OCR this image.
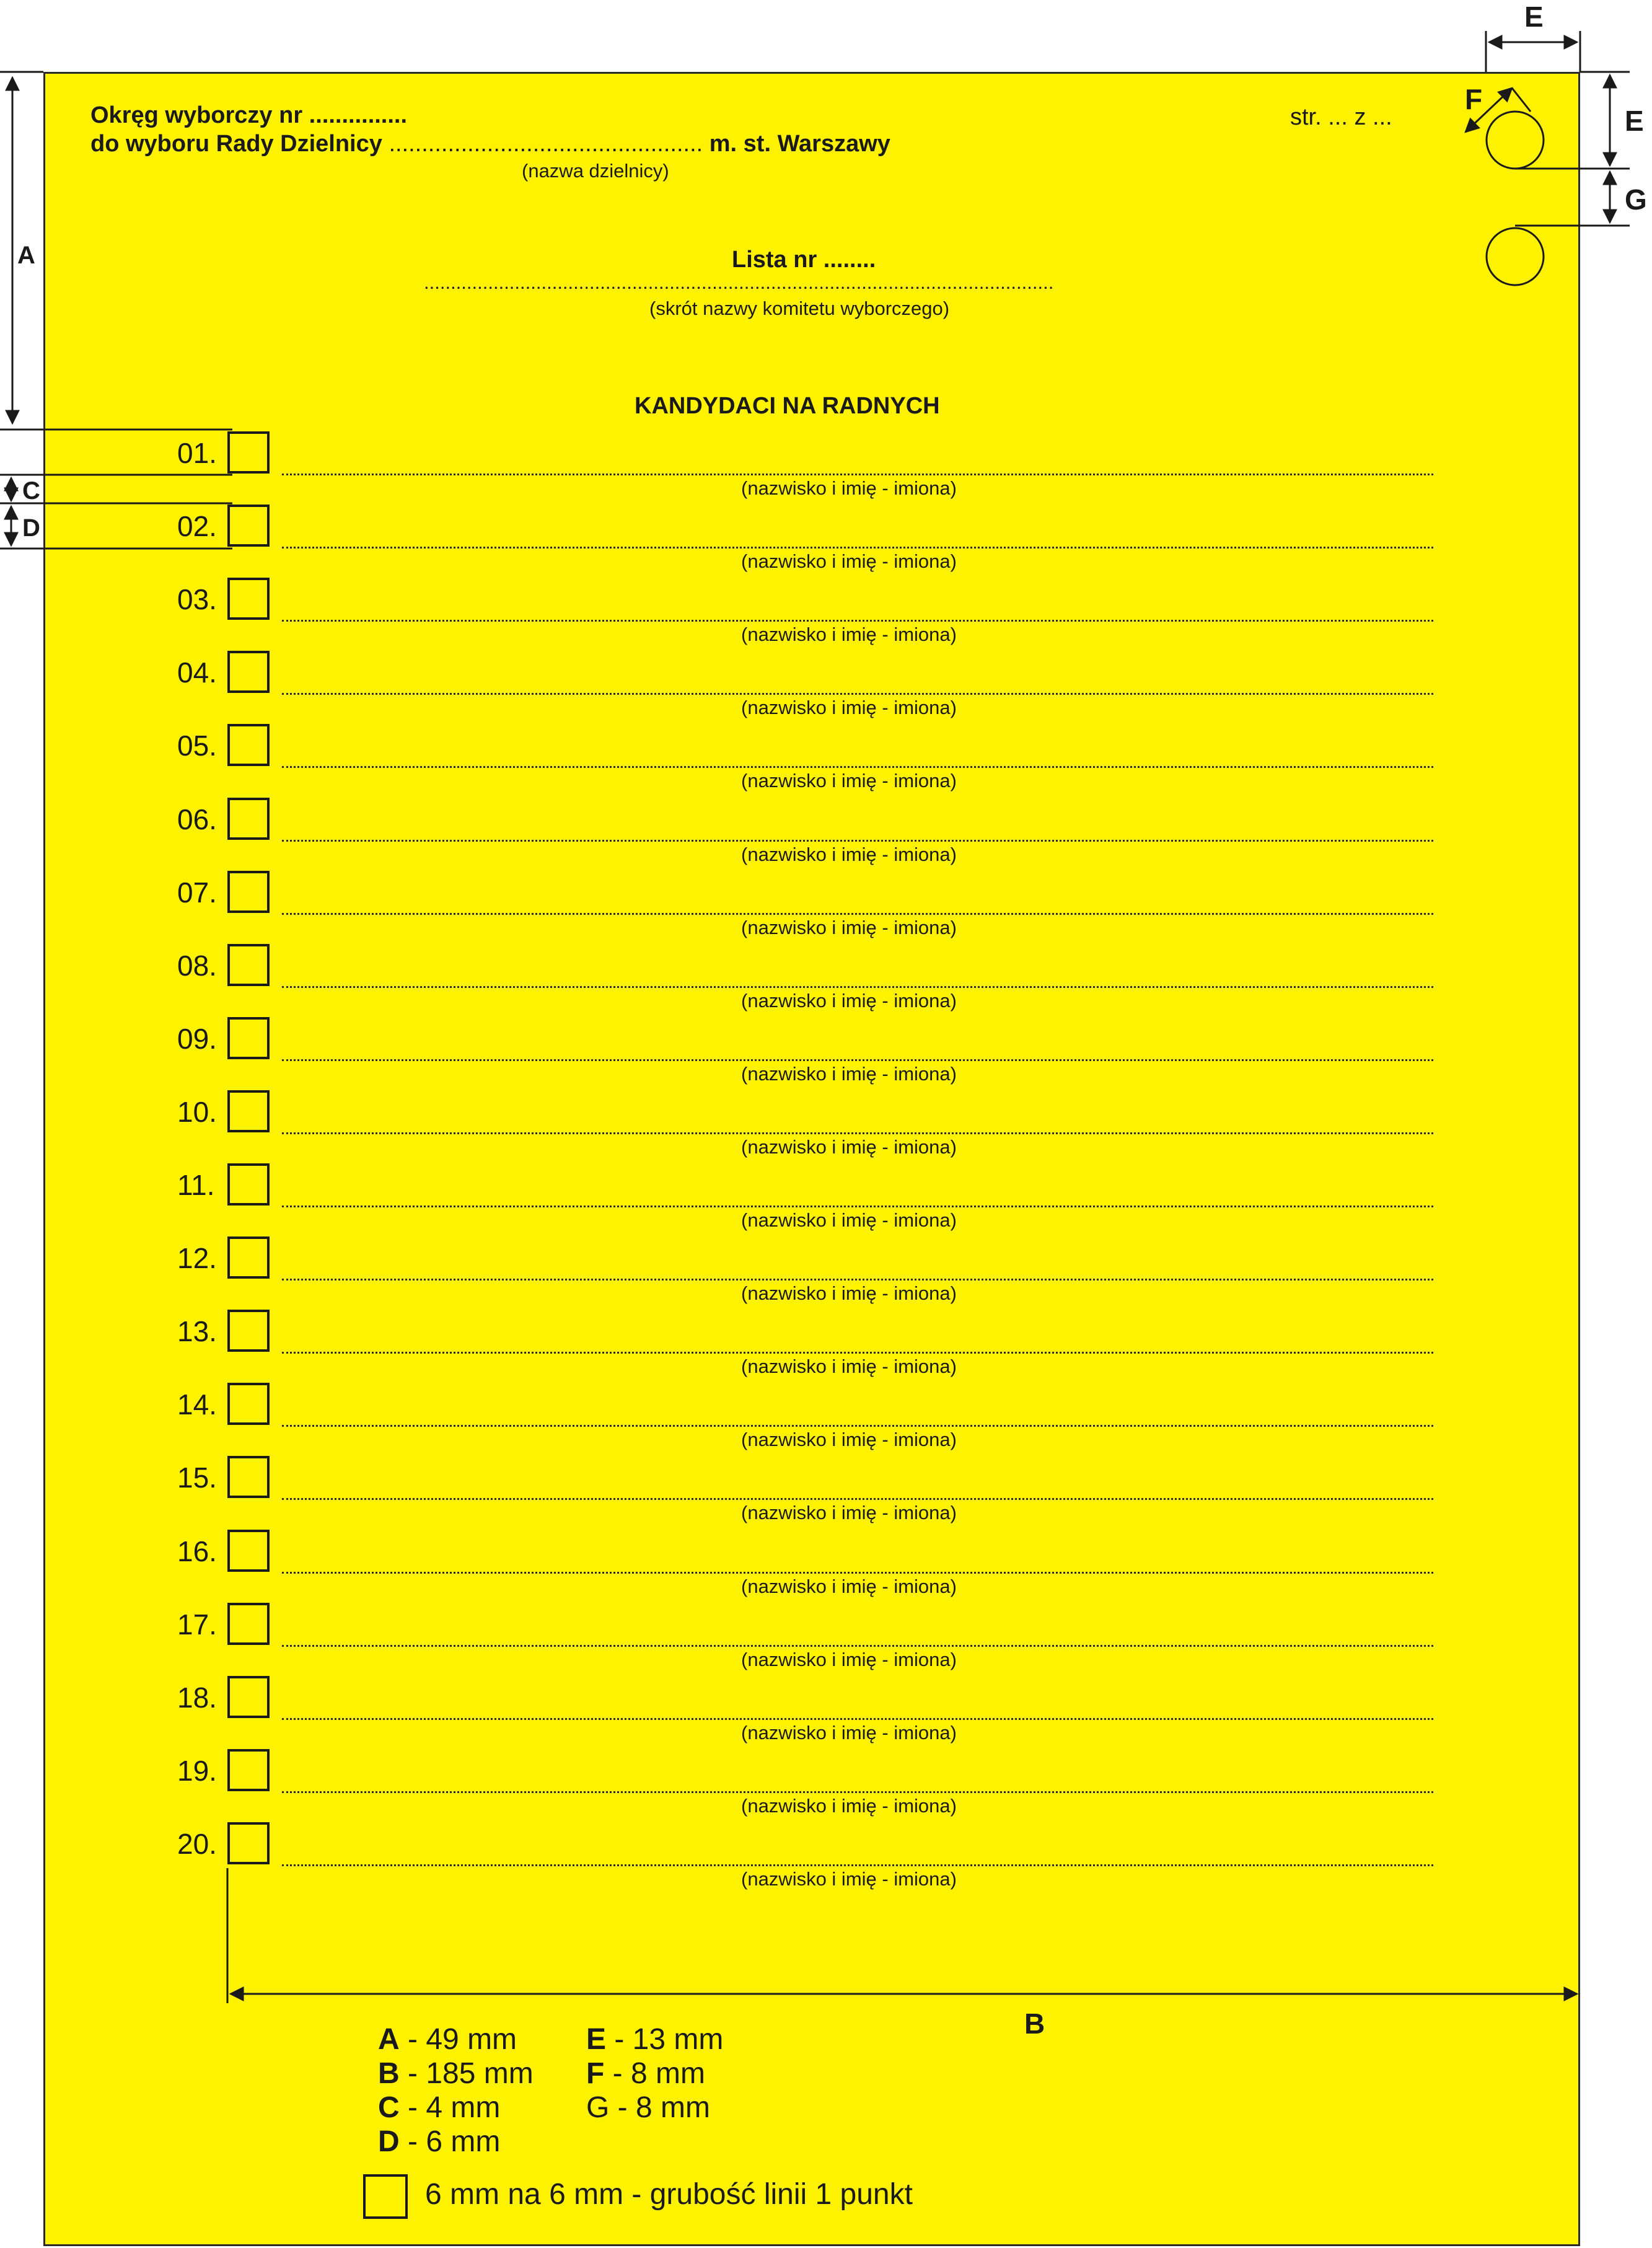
Okręg wyborczy nr ...............
do wyboru Rady Dzielnicy ................................................ m. st. Warszawy
(nazwa dzielnicy)
str. ... z ...
Lista nr ........
......................................................................................................................
(skrót nazwy komitetu wyborczego)
KANDYDACI NA RADNYCH
01.
(nazwisko i imię - imiona)
02.
(nazwisko i imię - imiona)
03.
(nazwisko i imię - imiona)
04.
(nazwisko i imię - imiona)
05.
(nazwisko i imię - imiona)
06.
(nazwisko i imię - imiona)
07.
(nazwisko i imię - imiona)
08.
(nazwisko i imię - imiona)
09.
(nazwisko i imię - imiona)
10.
(nazwisko i imię - imiona)
11.
(nazwisko i imię - imiona)
12.
(nazwisko i imię - imiona)
13.
(nazwisko i imię - imiona)
14.
(nazwisko i imię - imiona)
15.
(nazwisko i imię - imiona)
16.
(nazwisko i imię - imiona)
17.
(nazwisko i imię - imiona)
18.
(nazwisko i imię - imiona)
19.
(nazwisko i imię - imiona)
20.
(nazwisko i imię - imiona)
A
C
D
B
E
E
G
F
A - 49 mm
B - 185 mm
C - 4 mm
D - 6 mm
E - 13 mm
F - 8 mm
G - 8 mm
6 mm na 6 mm - grubość linii 1 punkt
